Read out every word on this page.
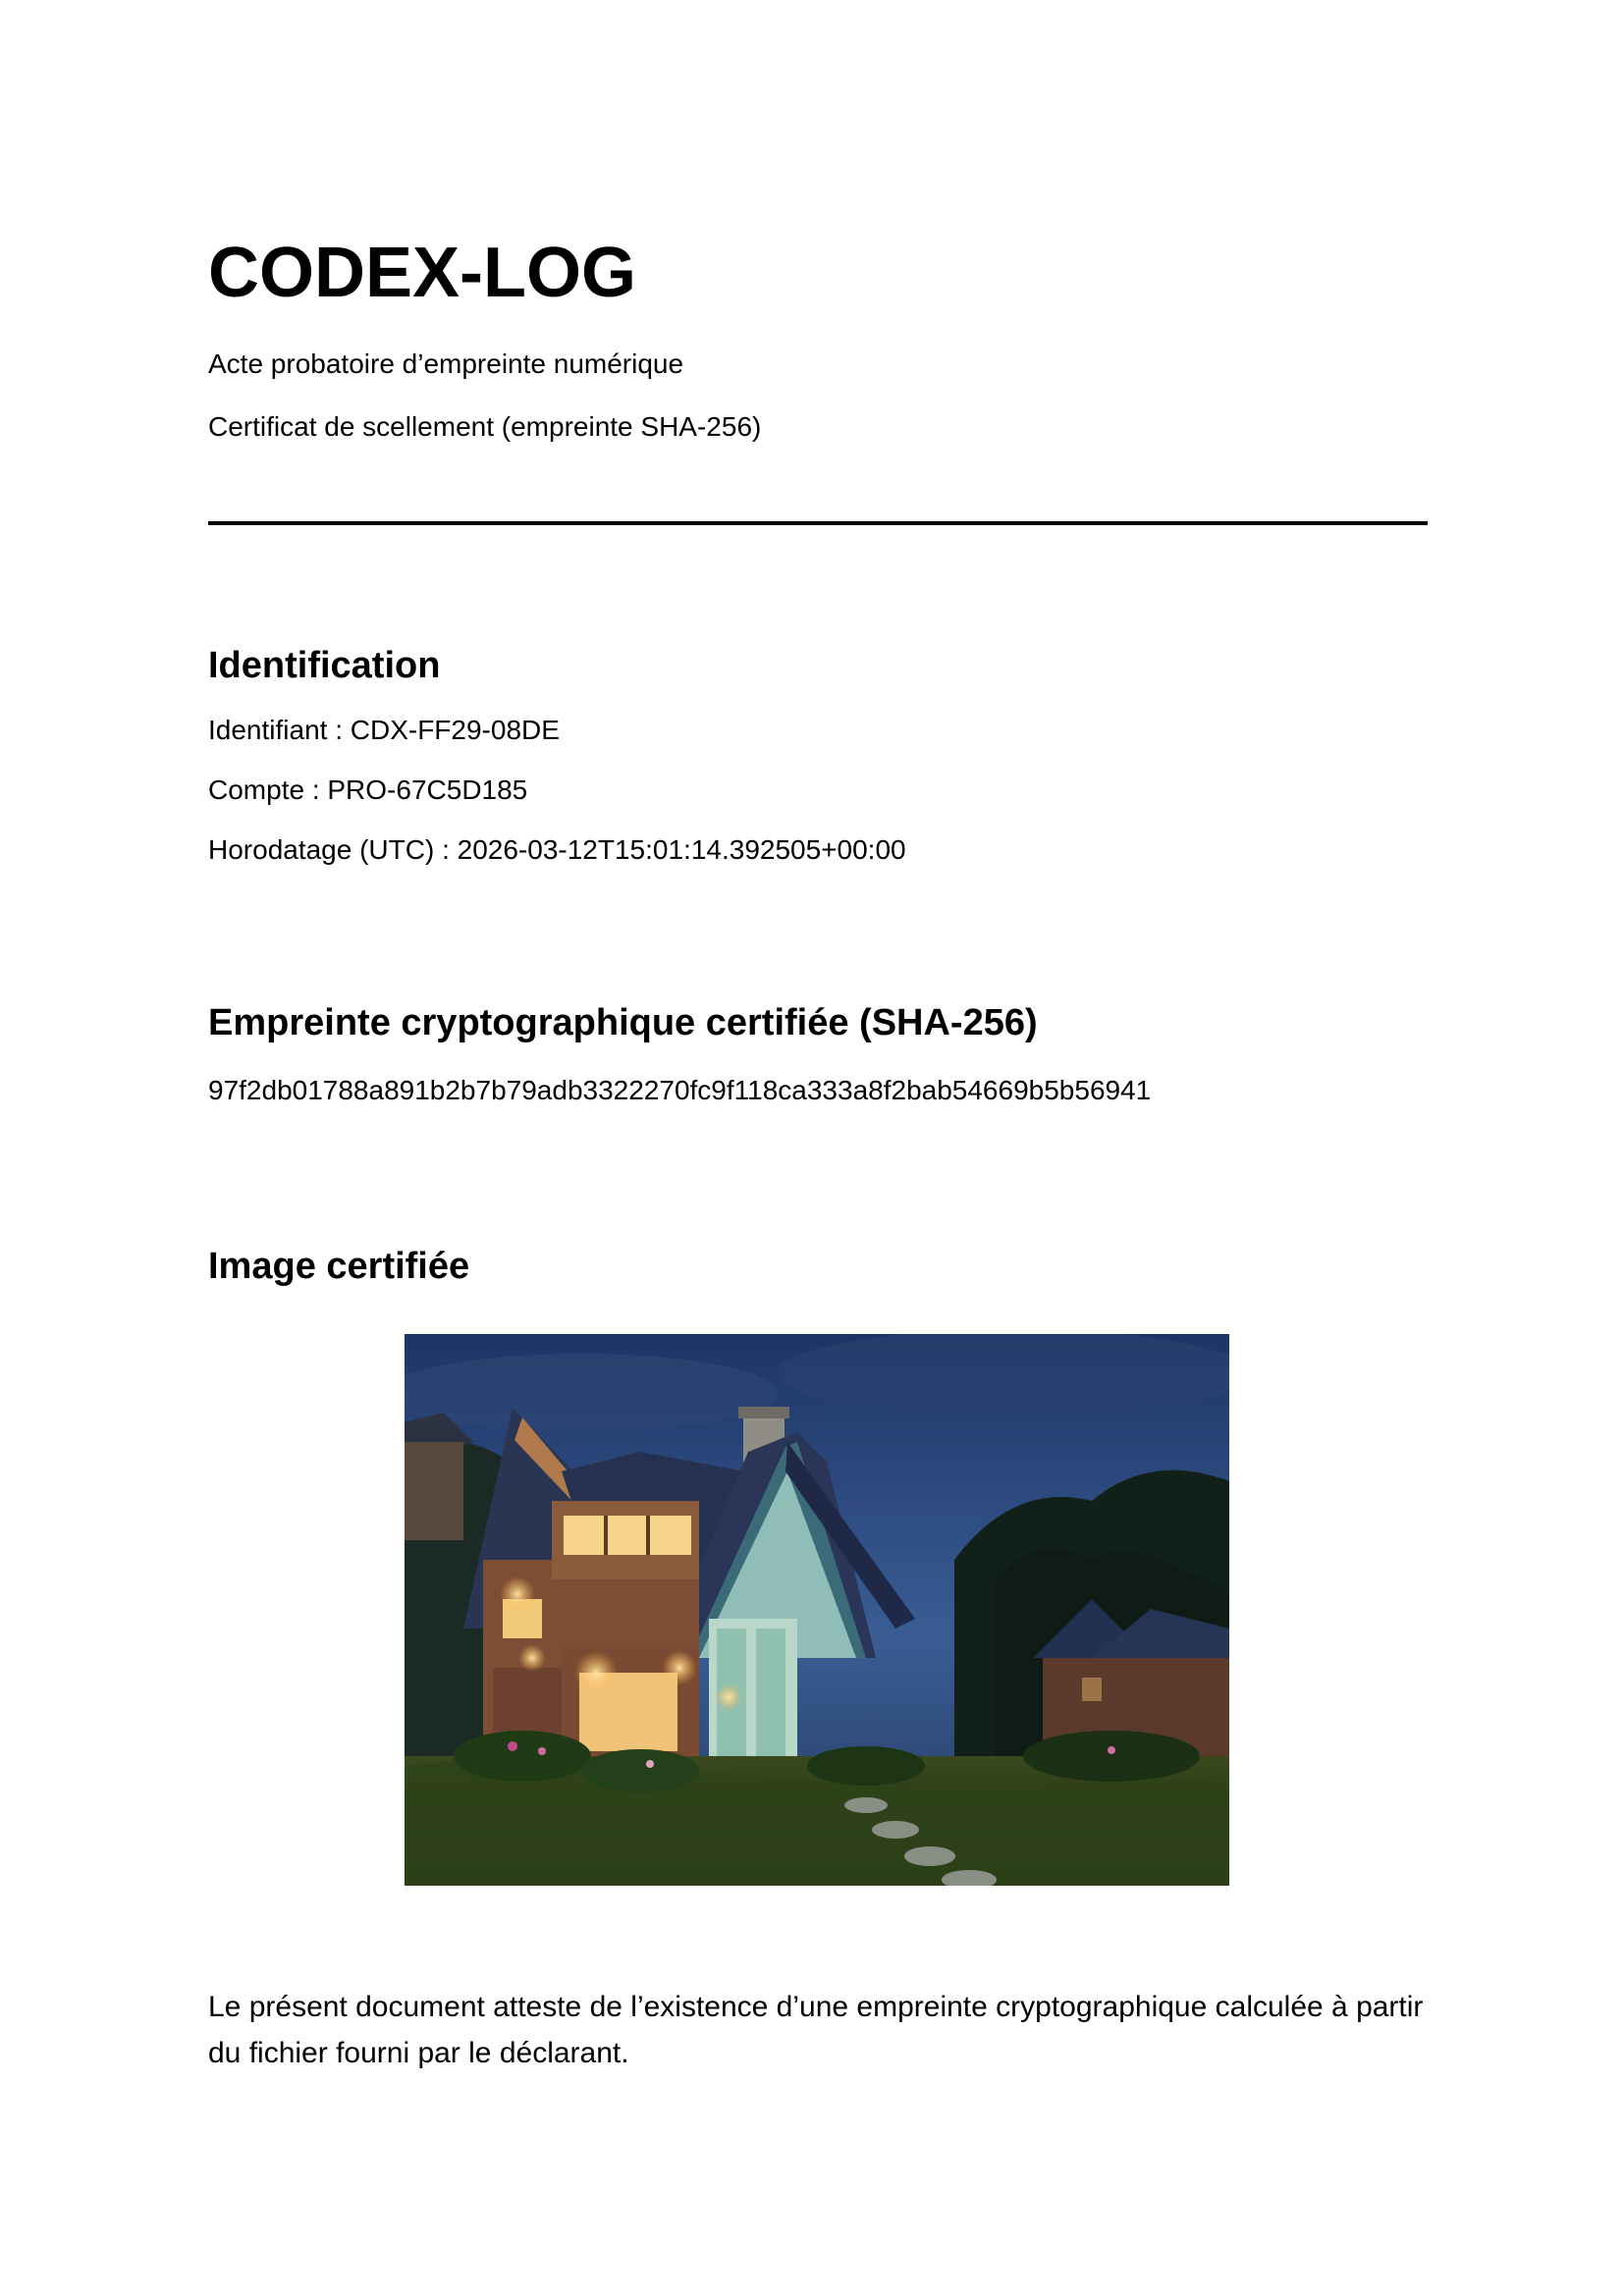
CODEX-LOG
Acte probatoire d’empreinte numérique
Certificat de scellement (empreinte SHA-256)
Identification
Identifiant : CDX-FF29-08DE
Compte : PRO-67C5D185
Horodatage (UTC) : 2026-03-12T15:01:14.392505+00:00
Empreinte cryptographique certifiée (SHA-256)
97f2db01788a891b2b7b79adb3322270fc9f118ca333a8f2bab54669b5b56941
Image certifiée

Le présent document atteste de l’existence d’une empreinte cryptographique calculée à partir du fichier fourni par le déclarant.
